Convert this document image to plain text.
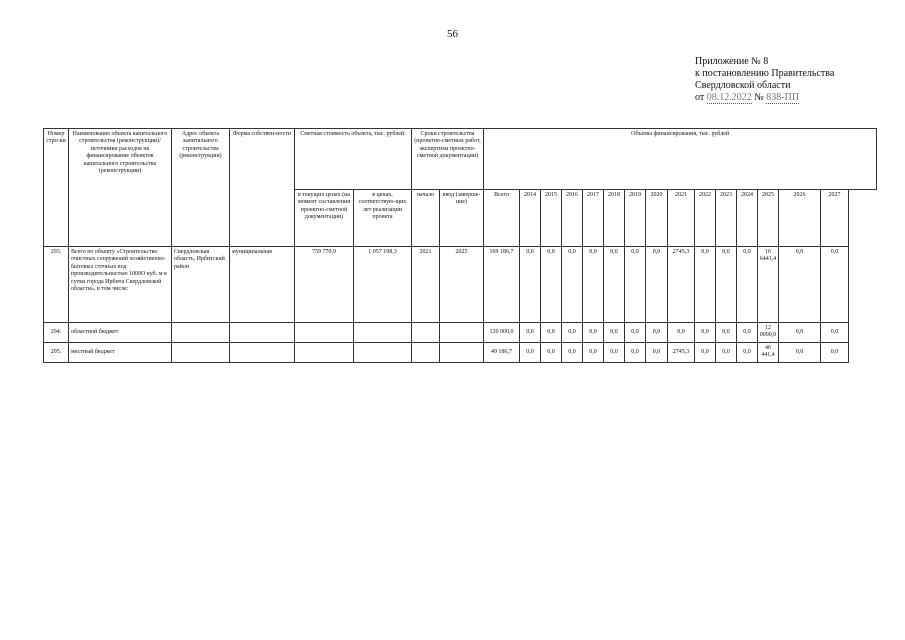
56
Приложение № 8
к постановлению Правительства
Свердловской области
от 08.12.2022 № 838-ПП
Номер стро-ки	Наименование объекта капитального строительства (реконструкции)/источники расходов на финансирование объектов капитального строительства (реконструкции)	Адрес объекта капитального строительства (реконструкции)	Форма собствен-ности	Сметная стоимость объекта, тыс. рублей:		Сроки строительства (проектно-сметных работ, экспертизы проектно-сметной документации)		Объемы финансирования, тыс. рублей														
				в текущих ценах (на момент составления проектно-сметной документации)	в ценах, соответствую-щих лет реализации проекта	начало	ввод (заверше-ние)	Всего	2014	2015	2016	2017	2018	2019	2020	2021	2022	2023	2024	2025	2026	2027
293.	Всего по объекту «Строительство очистных сооружений хозяйственно-бытовых сточных вод производительностью 1000О куб. м в сутки города Ирбита Свердловской области», в том числе:	Свердловская область, Ирбитский район	муниципальная	759 770,9	1 057 198,3	2021	2025	169 186,7	0,0	0,0	0,0	0,0	0,0	0,0	0,0	2745,3	0,0	0,0	0,0	16 6441,4	0,0	0,0
294.	областной бюджет							120 000,0	0,0	0,0	0,0	0,0	0,0	0,0	0,0	0,0	0,0	0,0	0,0	12 0000,0	0,0	0,0
295.	местный бюджет							49 186,7	0,0	0,0	0,0	0,0	0,0	0,0	0,0	2745,3	0,0	0,0	0,0	46 441,4	0,0	0,0
